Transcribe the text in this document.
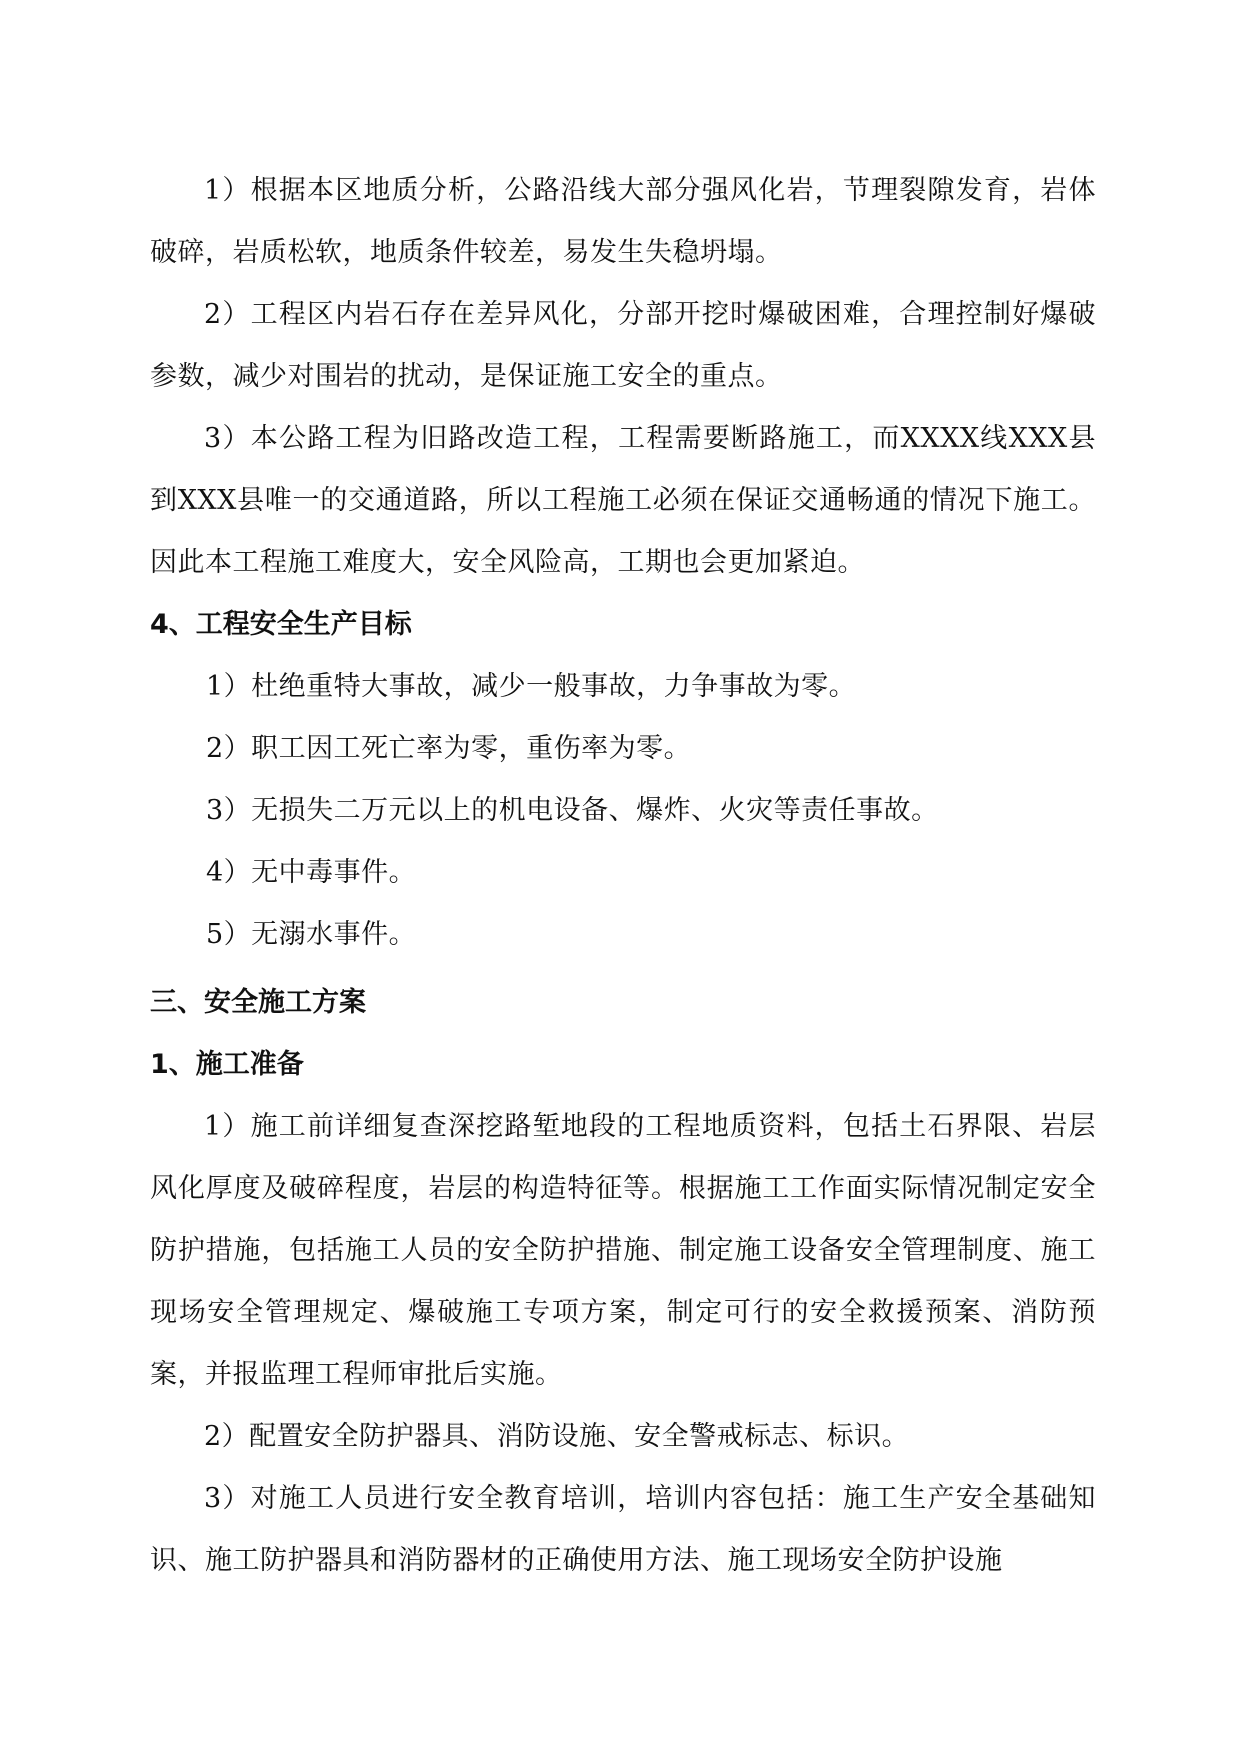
1）根据本区地质分析，公路沿线大部分强风化岩，节理裂隙发育，岩体破碎，岩质松软，地质条件较差，易发生失稳坍塌。

2）工程区内岩石存在差异风化，分部开挖时爆破困难，合理控制好爆破参数，减少对围岩的扰动，是保证施工安全的重点。

3）本公路工程为旧路改造工程，工程需要断路施工，而XXXX线XXX县到XXX县唯一的交通道路，所以工程施工必须在保证交通畅通的情况下施工。因此本工程施工难度大，安全风险高，工期也会更加紧迫。

4、工程安全生产目标

1）杜绝重特大事故，减少一般事故，力争事故为零。

2）职工因工死亡率为零，重伤率为零。

3）无损失二万元以上的机电设备、爆炸、火灾等责任事故。

4）无中毒事件。

5）无溺水事件。

三、安全施工方案

1、施工准备

1）施工前详细复查深挖路堑地段的工程地质资料，包括土石界限、岩层风化厚度及破碎程度，岩层的构造特征等。根据施工工作面实际情况制定安全防护措施，包括施工人员的安全防护措施、制定施工设备安全管理制度、施工现场安全管理规定、爆破施工专项方案，制定可行的安全救援预案、消防预案，并报监理工程师审批后实施。

2）配置安全防护器具、消防设施、安全警戒标志、标识。

3）对施工人员进行安全教育培训，培训内容包括：施工生产安全基础知识、施工防护器具和消防器材的正确使用方法、施工现场安全防护设施
